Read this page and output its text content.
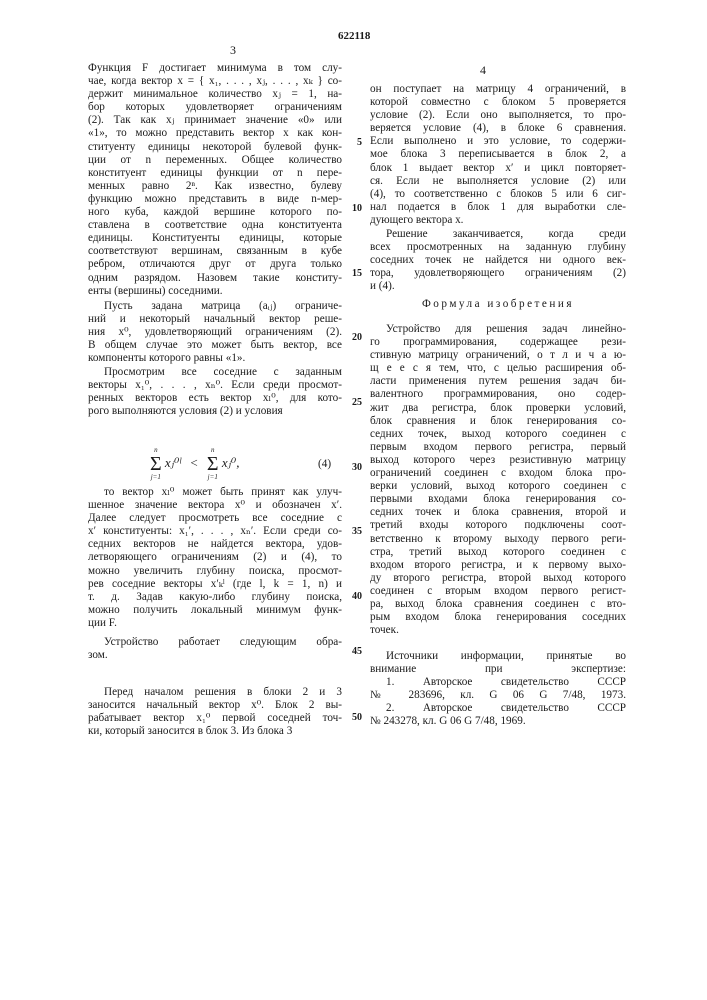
622118
3
4
5
10
15
20
25
30
35
40
45
50
Функция F достигает минимума в том слу-
чае, когда вектор x = { x₁, . . . , xⱼ, . . . , xₖ } со-
держит минимальное количество xⱼ = 1, на-
бор которых удовлетворяет ограничениям
(2). Так как xⱼ принимает значение «0» или
«1», то можно представить вектор x как кон-
ституенту единицы некоторой булевой функ-
ции от n переменных. Общее количество
конституент единицы функции от n пере-
менных равно 2ⁿ. Как известно, булеву
функцию можно представить в виде n-мер-
ного куба, каждой вершине которого по-
ставлена в соответствие одна конституента
единицы. Конституенты единицы, которые
соответствуют вершинам, связанным в кубе
ребром, отличаются друг от друга только
одним разрядом. Назовем такие конститу-
енты (вершины) соседними.
Пусть задана матрица (aᵢⱼ) ограниче-
ний и некоторый начальный вектор реше-
ния x⁰, удовлетворяющий ограничениям (2).
В общем случае это может быть вектор, все
компоненты которого равны «1».
Просмотрим все соседние с заданным
векторы x₁⁰, . . . , xₙ⁰. Если среди просмот-
ренных векторов есть вектор xₗ⁰, для кото-
рого выполняются условия (2) и условия
n
Σ
j=1
xⱼ⁰ˡ <
n
Σ
j=1
xⱼ⁰,	(4)
то вектор xₗ⁰ может быть принят как улуч-
шенное значение вектора x⁰ и обозначен x′.
Далее следует просмотреть все соседние с
x′ конституенты: x₁′, . . . , xₙ′. Если среди со-
седних векторов не найдется вектора, удов-
летворяющего ограничениям (2) и (4), то
можно увеличить глубину поиска, просмот-
рев соседние векторы x′ₖˡ (где l, k = 1, n) и
т. д. Задав какую-либо глубину поиска,
можно получить локальный минимум функ-
ции F.
Устройство работает следующим обра-
зом.
Перед началом решения в блоки 2 и 3
заносится начальный вектор x⁰. Блок 2 вы-
рабатывает вектор x₁⁰ первой соседней точ-
ки, который заносится в блок 3. Из блока 3
он поступает на матрицу 4 ограничений, в
которой совместно с блоком 5 проверяется
условие (2). Если оно выполняется, то про-
веряется условие (4), в блоке 6 сравнения.
Если выполнено и это условие, то содержи-
мое блока 3 переписывается в блок 2, а
блок 1 выдает вектор x′ и цикл повторяет-
ся. Если не выполняется условие (2) или
(4), то соответственно с блоков 5 или 6 сиг-
нал подается в блок 1 для выработки сле-
дующего вектора x.
Решение заканчивается, когда среди
всех просмотренных на заданную глубину
соседних точек не найдется ни одного век-
тора, удовлетворяющего ограничениям (2)
и (4).
Формула изобретения
Устройство для решения задач линейно-
го программирования, содержащее рези-
стивную матрицу ограничений, о т л и ч а ю-
щ е е с я тем, что, с целью расширения об-
ласти применения путем решения задач би-
валентного программирования, оно содер-
жит два регистра, блок проверки условий,
блок сравнения и блок генерирования со-
седних точек, выход которого соединен с
первым входом первого регистра, первый
выход которого через резистивную матрицу
ограничений соединен с входом блока про-
верки условий, выход которого соединен с
первыми входами блока генерирования со-
седних точек и блока сравнения, второй и
третий входы которого подключены соот-
ветственно к второму выходу первого реги-
стра, третий выход которого соединен с
входом второго регистра, и к первому выхо-
ду второго регистра, второй выход которого
соединен с вторым входом первого регист-
ра, выход блока сравнения соединен с вто-
рым входом блока генерирования соседних
точек.
Источники информации, принятые во
внимание при экспертизе:
1. Авторское свидетельство СССР
№ 283696, кл. G 06 G 7/48, 1973.
2. Авторское свидетельство СССР
№ 243278, кл. G 06 G 7/48, 1969.
